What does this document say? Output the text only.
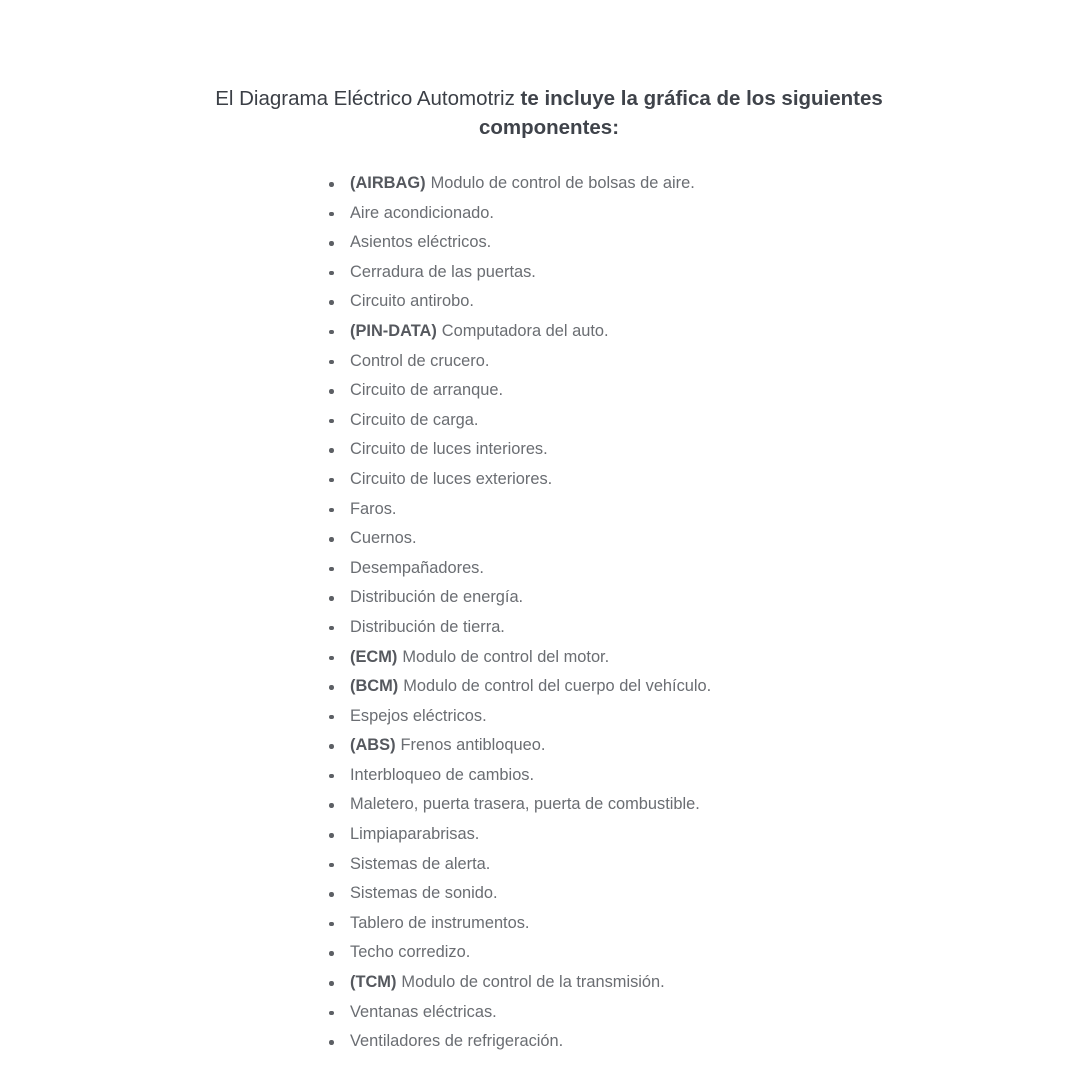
El Diagrama Eléctrico Automotriz te incluye la gráfica de los siguientes componentes:
(AIRBAG) Modulo de control de bolsas de aire.
Aire acondicionado.
Asientos eléctricos.
Cerradura de las puertas.
Circuito antirobo.
(PIN-DATA) Computadora del auto.
Control de crucero.
Circuito de arranque.
Circuito de carga.
Circuito de luces interiores.
Circuito de luces exteriores.
Faros.
Cuernos.
Desempañadores.
Distribución de energía.
Distribución de tierra.
(ECM) Modulo de control del motor.
(BCM) Modulo de control del cuerpo del vehículo.
Espejos eléctricos.
(ABS) Frenos antibloqueo.
Interbloqueo de cambios.
Maletero, puerta trasera, puerta de combustible.
Limpiaparabrisas.
Sistemas de alerta.
Sistemas de sonido.
Tablero de instrumentos.
Techo corredizo.
(TCM) Modulo de control de la transmisión.
Ventanas eléctricas.
Ventiladores de refrigeración.
